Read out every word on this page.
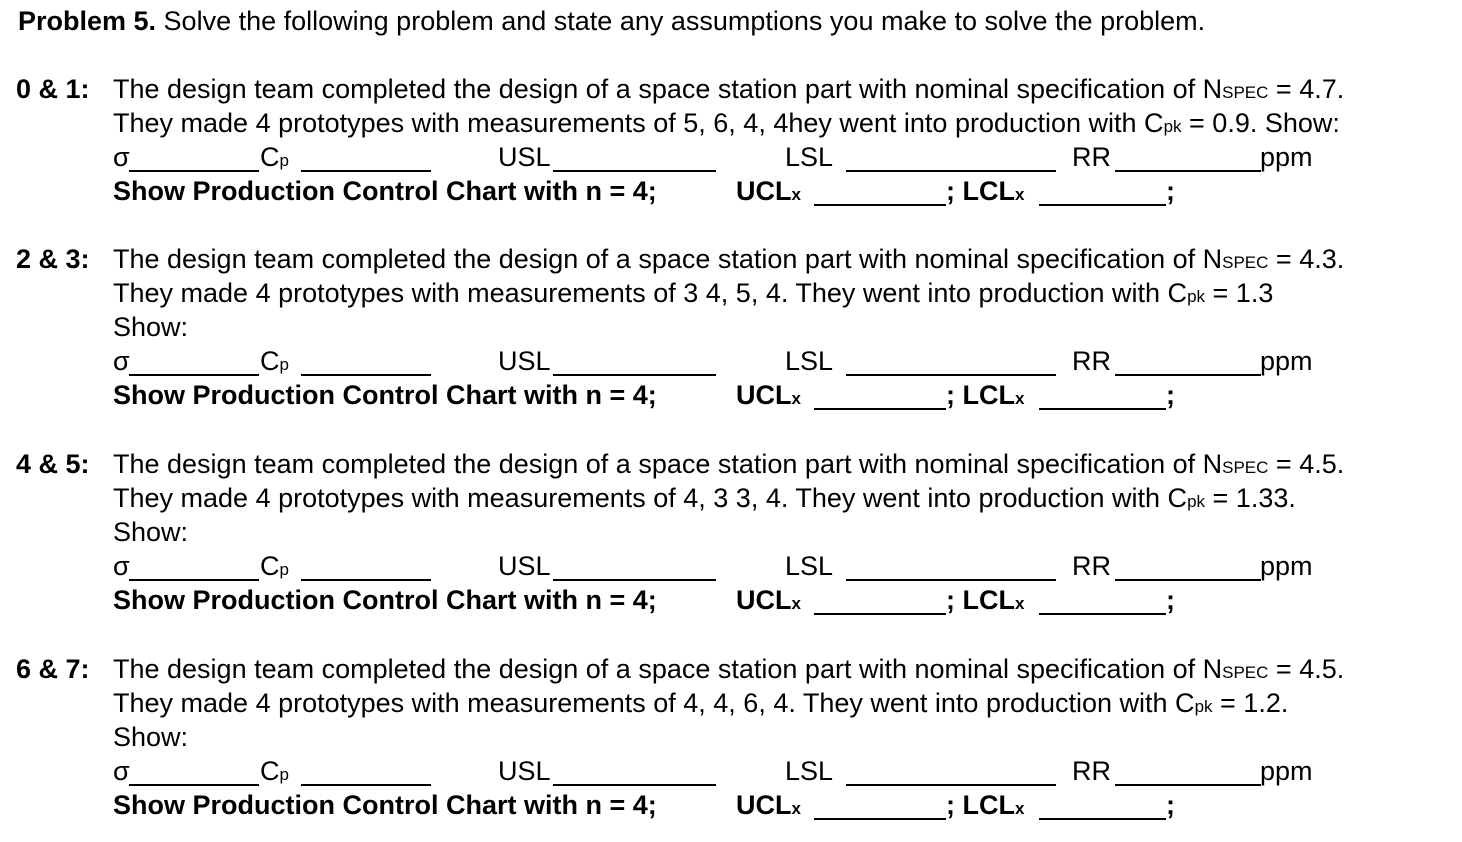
Problem 5. Solve the following problem and state any assumptions you make to solve the problem.
0 & 1: The design team completed the design of a space station part with nominal specification of NSPEC = 4.7.
They made 4 prototypes with measurements of 5, 6, 4, 4hey went into production with Cpk = 0.9. Show:
σ	Cp	USL	LSL	RR	ppm
Show Production Control Chart with n = 4;	UCLx	; LCLx	;
2 & 3: The design team completed the design of a space station part with nominal specification of NSPEC = 4.3.
They made 4 prototypes with measurements of 3 4, 5, 4. They went into production with Cpk = 1.3
Show:
σ	Cp	USL	LSL	RR	ppm
Show Production Control Chart with n = 4;	UCLx	; LCLx	;
4 & 5: The design team completed the design of a space station part with nominal specification of NSPEC = 4.5.
They made 4 prototypes with measurements of 4, 3 3, 4. They went into production with Cpk = 1.33.
Show:
σ	Cp	USL	LSL	RR	ppm
Show Production Control Chart with n = 4;	UCLx	; LCLx	;
6 & 7: The design team completed the design of a space station part with nominal specification of NSPEC = 4.5.
They made 4 prototypes with measurements of 4, 4, 6, 4. They went into production with Cpk = 1.2.
Show:
σ	Cp	USL	LSL	RR	ppm
Show Production Control Chart with n = 4;	UCLx	; LCLx	;
